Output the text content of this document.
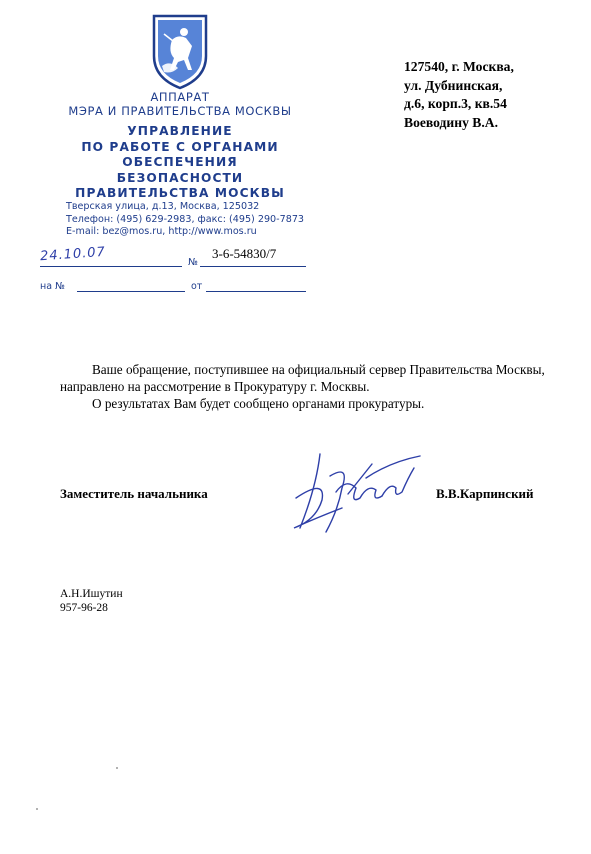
АППАРАТ
МЭРА И ПРАВИТЕЛЬСТВА МОСКВЫ
УПРАВЛЕНИЕ
ПО РАБОТЕ С ОРГАНАМИ
ОБЕСПЕЧЕНИЯ БЕЗОПАСНОСТИ
ПРАВИТЕЛЬСТВА МОСКВЫ
Тверская улица, д.13, Москва, 125032
Телефон: (495) 629-2983, факс: (495) 290-7873
E-mail: bez@mos.ru, http://www.mos.ru
24.10.07	№
3-6-54830/7
на №	от
127540, г. Москва,
ул. Дубнинская,
д.6, корп.3, кв.54
Воеводину В.А.

Ваше обращение, поступившее на официальный сервер Правительства Москвы, направлено на рассмотрение в Прокуратуру г. Москвы.

О результатах Вам будет сообщено органами прокуратуры.

Заместитель начальника	В.В.Карпинский
А.Н.Ишутин
957-96-28
